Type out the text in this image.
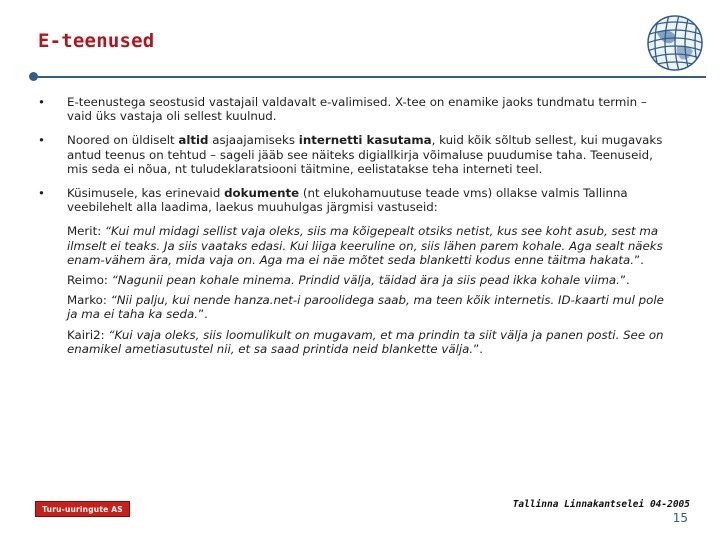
E-teenused
• E-teenustega seostusid vastajail valdavalt e-valimised. X-tee on enamike jaoks tundmatu termin – vaid üks vastaja oli sellest kuulnud.
• Noored on üldiselt altid asjaajamiseks internetti kasutama, kuid kõik sõltub sellest, kui mugavaks antud teenus on tehtud – sageli jääb see näiteks digiallkirja võimaluse puudumise taha. Teenuseid, mis seda ei nõua, nt tuludeklaratsiooni täitmine, eelistatakse teha interneti teel.
• Küsimusele, kas erinevaid dokumente (nt elukohamuutuse teade vms) ollakse valmis Tallinna veebilehelt alla laadima, laekus muuhulgas järgmisi vastuseid:
Merit: “Kui mul midagi sellist vaja oleks, siis ma kõigepealt otsiks netist, kus see koht asub, sest ma ilmselt ei teaks. Ja siis vaataks edasi. Kui liiga keeruline on, siis lähen parem kohale. Aga sealt näeks enam-vähem ära, mida vaja on. Aga ma ei näe mõtet seda blanketti kodus enne täitma hakata.”.
Reimo: “Nagunii pean kohale minema. Prindid välja, täidad ära ja siis pead ikka kohale viima.”.
Marko: “Nii palju, kui nende hanza.net-i paroolidega saab, ma teen kõik internetis. ID-kaarti mul pole ja ma ei taha ka seda.”.
Kairi2: “Kui vaja oleks, siis loomulikult on mugavam, et ma prindin ta siit välja ja panen posti. See on enamikel ametiasutustel nii, et sa saad printida neid blankette välja.”.
Turu-uuringute AS	Tallinna Linnakantselei 04-2005
15
